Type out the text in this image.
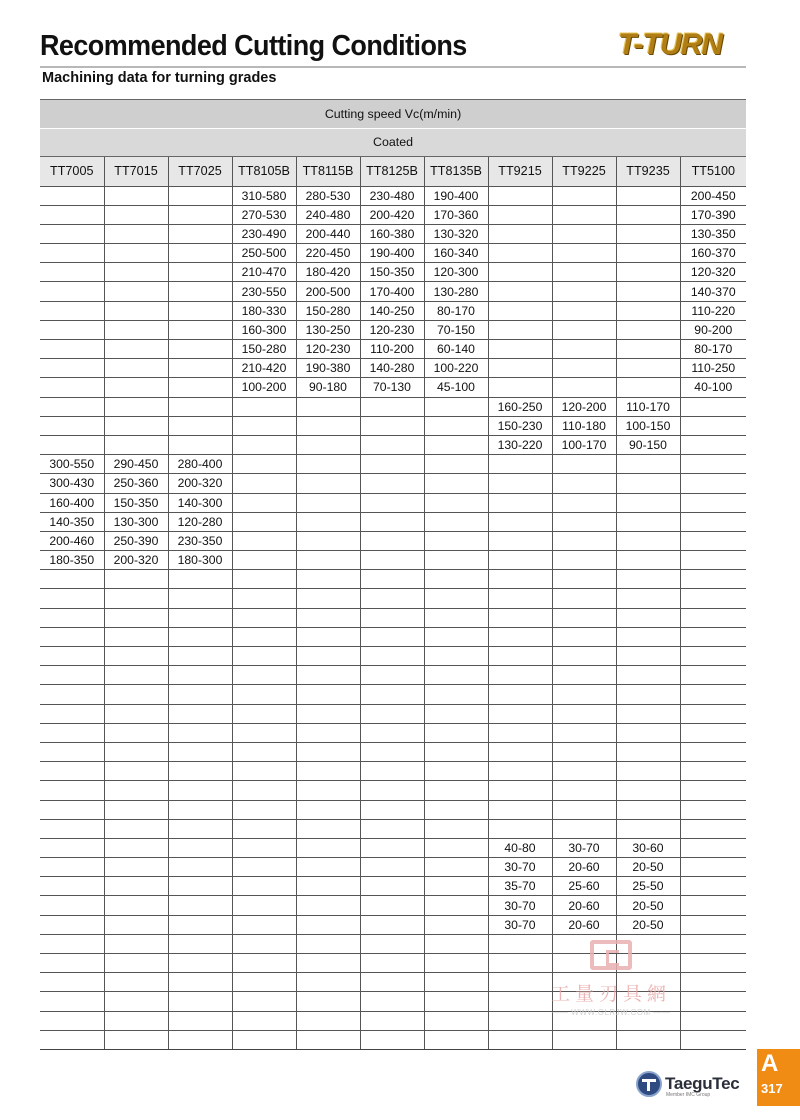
Recommended Cutting Conditions	T-TURN
Machining data for turning grades
Cutting speed Vc(m/min)										
Coated										
TT7005	TT7015	TT7025	TT8105B	TT8115B	TT8125B	TT8135B	TT9215	TT9225	TT9235	TT5100
			310-580	280-530	230-480	190-400				200-450
			270-530	240-480	200-420	170-360				170-390
			230-490	200-440	160-380	130-320				130-350
			250-500	220-450	190-400	160-340				160-370
			210-470	180-420	150-350	120-300				120-320
			230-550	200-500	170-400	130-280				140-370
			180-330	150-280	140-250	80-170				110-220
			160-300	130-250	120-230	70-150				90-200
			150-280	120-230	110-200	60-140				80-170
			210-420	190-380	140-280	100-220				110-250
			100-200	90-180	70-130	45-100				40-100
							160-250	120-200	110-170	
							150-230	110-180	100-150	
							130-220	100-170	90-150	
300-550	290-450	280-400								
300-430	250-360	200-320								
160-400	150-350	140-300								
140-350	130-300	120-280								
200-460	250-390	230-350								
180-350	200-320	180-300								

							40-80	30-70	30-60	
							30-70	20-60	20-50	
							35-70	25-60	25-50	
							30-70	20-60	20-50	
							30-70	20-60	20-50	

工量刃具網
—— WWW.GLRJW.COM ——
TaeguTec
Member IMC Group
A
317
